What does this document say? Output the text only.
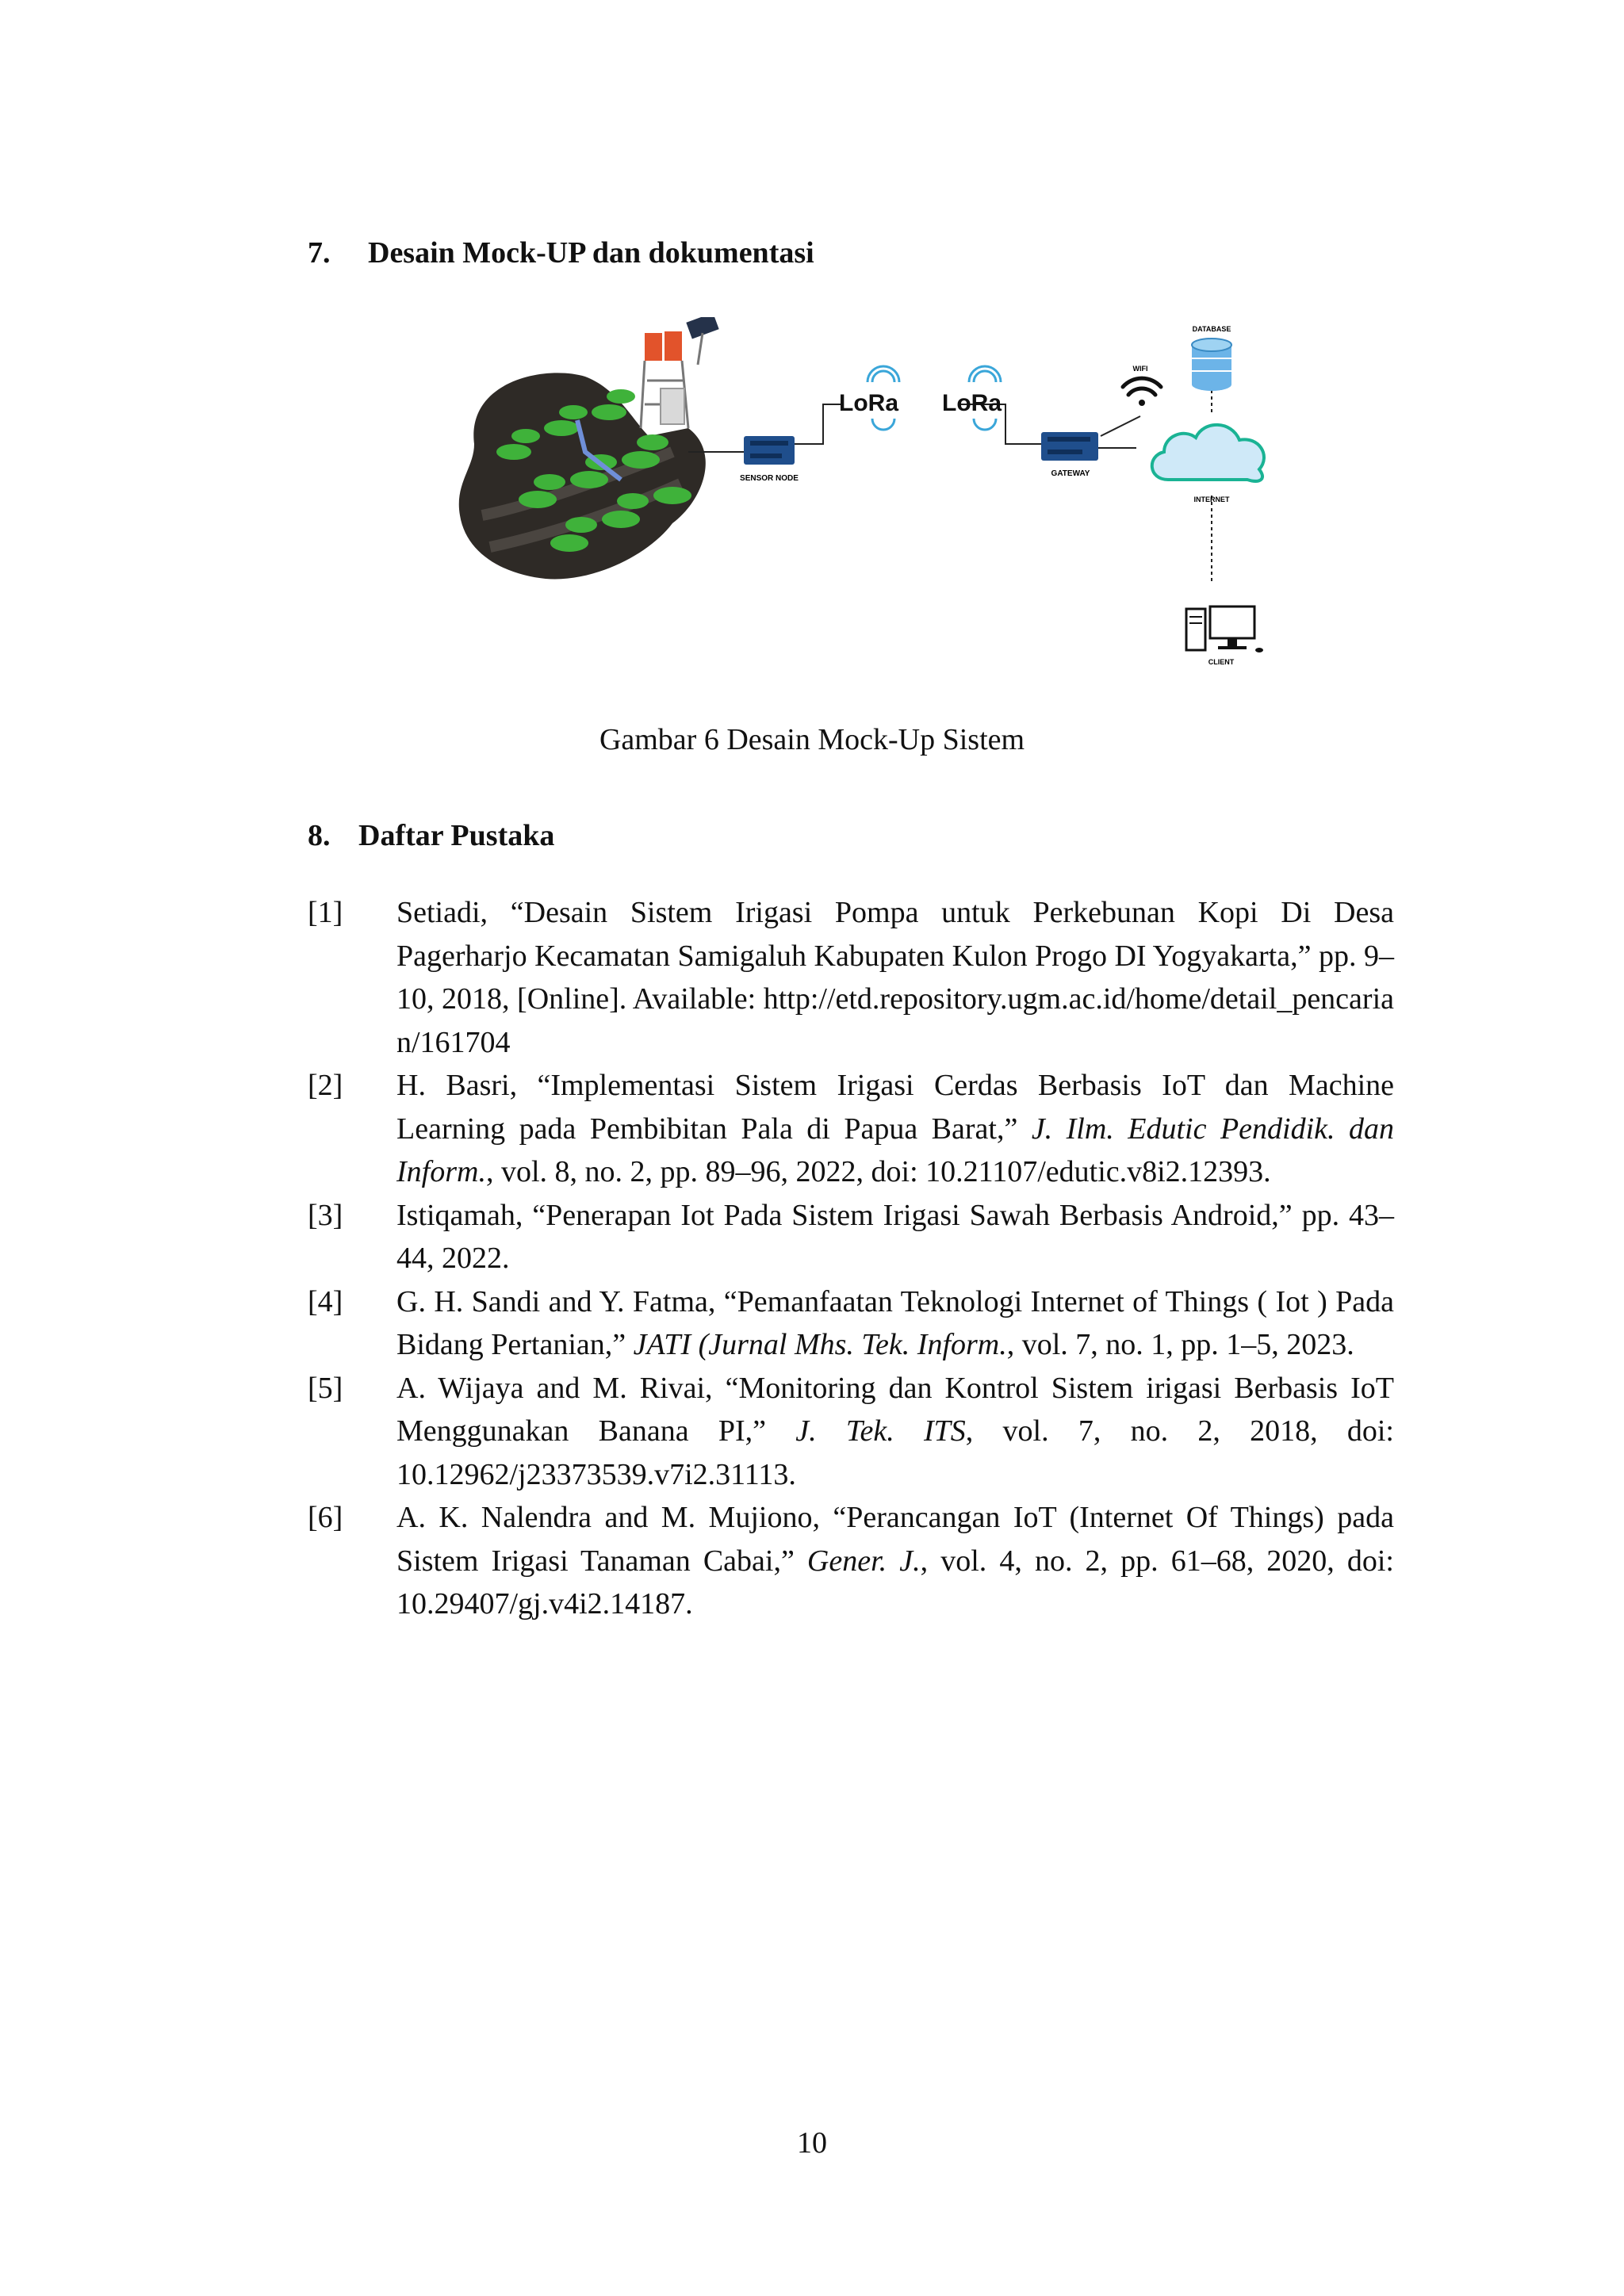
7. Desain Mock-UP dan dokumentasi
SENSOR NODE
LoRa LoRa
GATEWAY
WIFI
DATABASE
INTERNET
CLIENT
Gambar 6 Desain Mock-Up Sistem
8. Daftar Pustaka
[1] Setiadi, “Desain Sistem Irigasi Pompa untuk Perkebunan Kopi Di Desa Pagerharjo Kecamatan Samigaluh Kabupaten Kulon Progo DI Yogyakarta,” pp. 9–10, 2018, [Online]. Available: http://etd.repository.ugm.ac.id/home/detail_pencarian/161704
[2] H. Basri, “Implementasi Sistem Irigasi Cerdas Berbasis IoT dan Machine Learning pada Pembibitan Pala di Papua Barat,” J. Ilm. Edutic Pendidik. dan Inform., vol. 8, no. 2, pp. 89–96, 2022, doi: 10.21107/edutic.v8i2.12393.
[3] Istiqamah, “Penerapan Iot Pada Sistem Irigasi Sawah Berbasis Android,” pp. 43–44, 2022.
[4] G. H. Sandi and Y. Fatma, “Pemanfaatan Teknologi Internet of Things ( Iot ) Pada Bidang Pertanian,” JATI (Jurnal Mhs. Tek. Inform., vol. 7, no. 1, pp. 1–5, 2023.
[5] A. Wijaya and M. Rivai, “Monitoring dan Kontrol Sistem irigasi Berbasis IoT Menggunakan Banana PI,” J. Tek. ITS, vol. 7, no. 2, 2018, doi: 10.12962/j23373539.v7i2.31113.
[6] A. K. Nalendra and M. Mujiono, “Perancangan IoT (Internet Of Things) pada Sistem Irigasi Tanaman Cabai,” Gener. J., vol. 4, no. 2, pp. 61–68, 2020, doi: 10.29407/gj.v4i2.14187.
10
